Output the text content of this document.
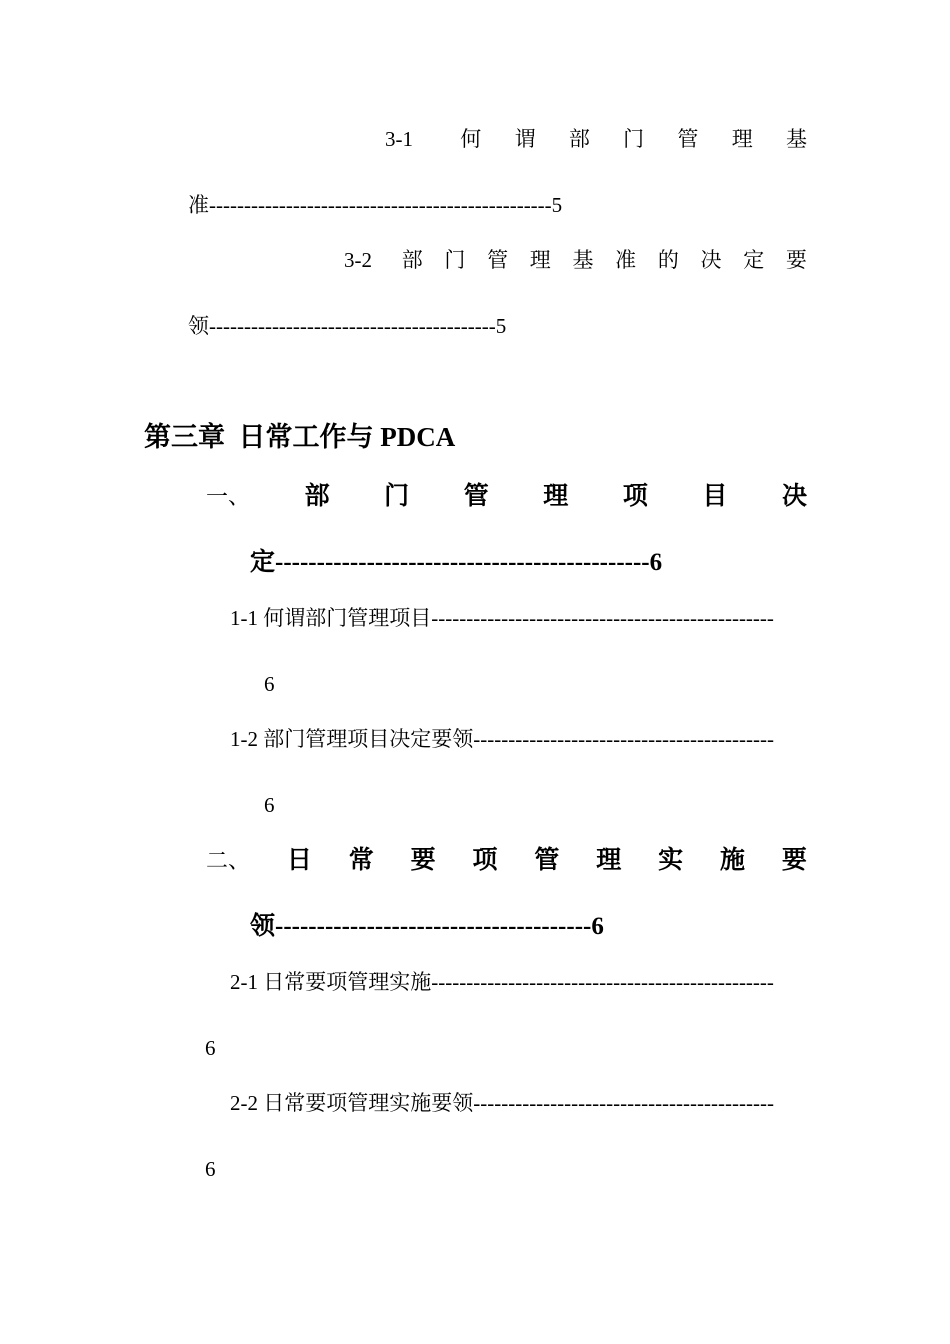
3-1 何 谓 部 门 管 理 基
准-------------------------------------------------5
3-2 部 门 管 理 基 准 的 决 定 要
领-----------------------------------------5
第三章  日常工作与 PDCA
一、 部 门 管 理 项 目 决
定---------------------------------------------6
1-1 何谓部门管理项目-------------------------------------------------
6
1-2 部门管理项目决定要领-------------------------------------------
6
二、 日 常 要 项 管 理 实 施 要
领--------------------------------------6
2-1 日常要项管理实施-------------------------------------------------
6
2-2 日常要项管理实施要领-------------------------------------------
6
